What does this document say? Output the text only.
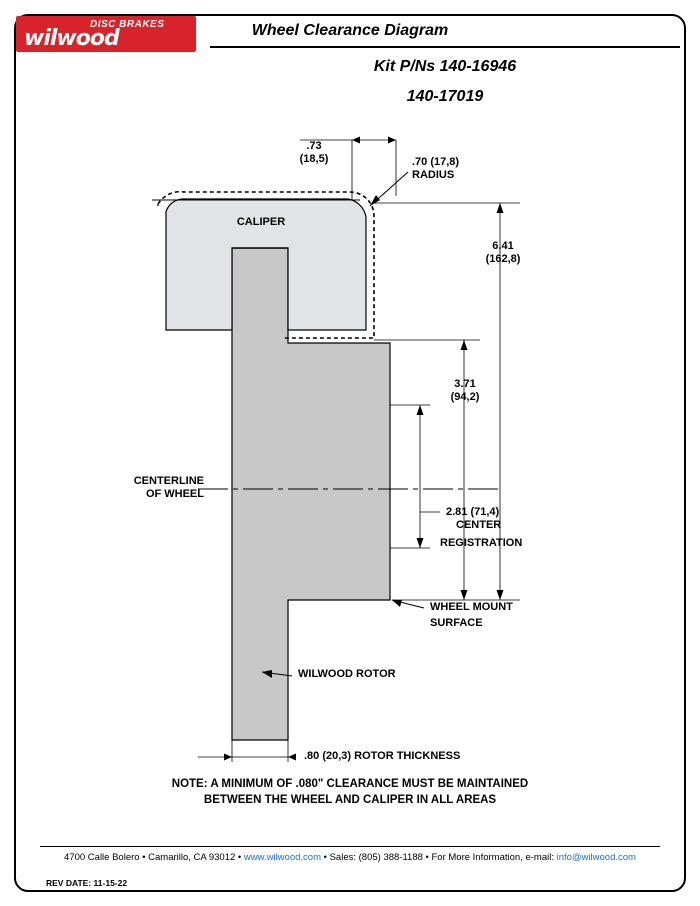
DISC BRAKES
wilwood	Wheel Clearance Diagram
Kit P/Ns 140-16946
140-17019
CALIPER
.73
(18,5)	.70 (17,8)
RADIUS
6.41
(162,8)
3.71
(94,2)
2.81 (71,4)
CENTER
REGISTRATION
CENTERLINE
OF WHEEL
WHEEL MOUNT
SURFACE
WILWOOD ROTOR
.80 (20,3) ROTOR THICKNESS
NOTE: A MINIMUM OF .080" CLEARANCE MUST BE MAINTAINED
BETWEEN THE WHEEL AND CALIPER IN ALL AREAS
4700 Calle Bolero • Camarillo, CA 93012 • www.wilwood.com • Sales: (805) 388-1188 • For More Information, e-mail: info@wilwood.com
REV DATE: 11-15-22
